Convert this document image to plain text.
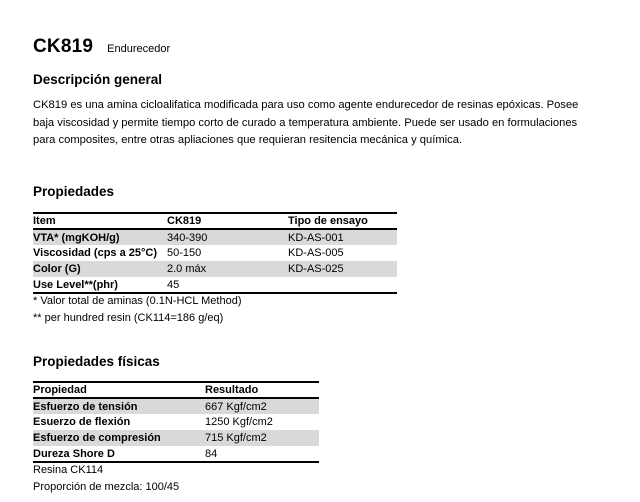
CK819 Endurecedor
Descripción general
CK819 es una amina cicloalifatica modificada para uso como agente endurecedor de resinas epóxicas. Posee
baja viscosidad y permite tiempo corto de curado a temperatura ambiente. Puede ser usado en formulaciones
para composites, entre otras apliaciones que requieran resitencia mecánica y química.
Propiedades
Item	CK819	Tipo de ensayo
VTA* (mgKOH/g)	340-390	KD-AS-001
Viscosidad (cps a 25°C)	50-150	KD-AS-005
Color (G)	2.0 máx	KD-AS-025
Use Level**(phr)	45	
* Valor total de aminas (0.1N-HCL Method)
** per hundred resin (CK114=186 g/eq)
Propiedades físicas
Propiedad	Resultado
Esfuerzo de tensión	667 Kgf/cm2
Esuerzo de flexión	1250 Kgf/cm2
Esfuerzo de compresión	715 Kgf/cm2
Dureza Shore D	84
Resina CK114
Proporción de mezcla: 100/45
